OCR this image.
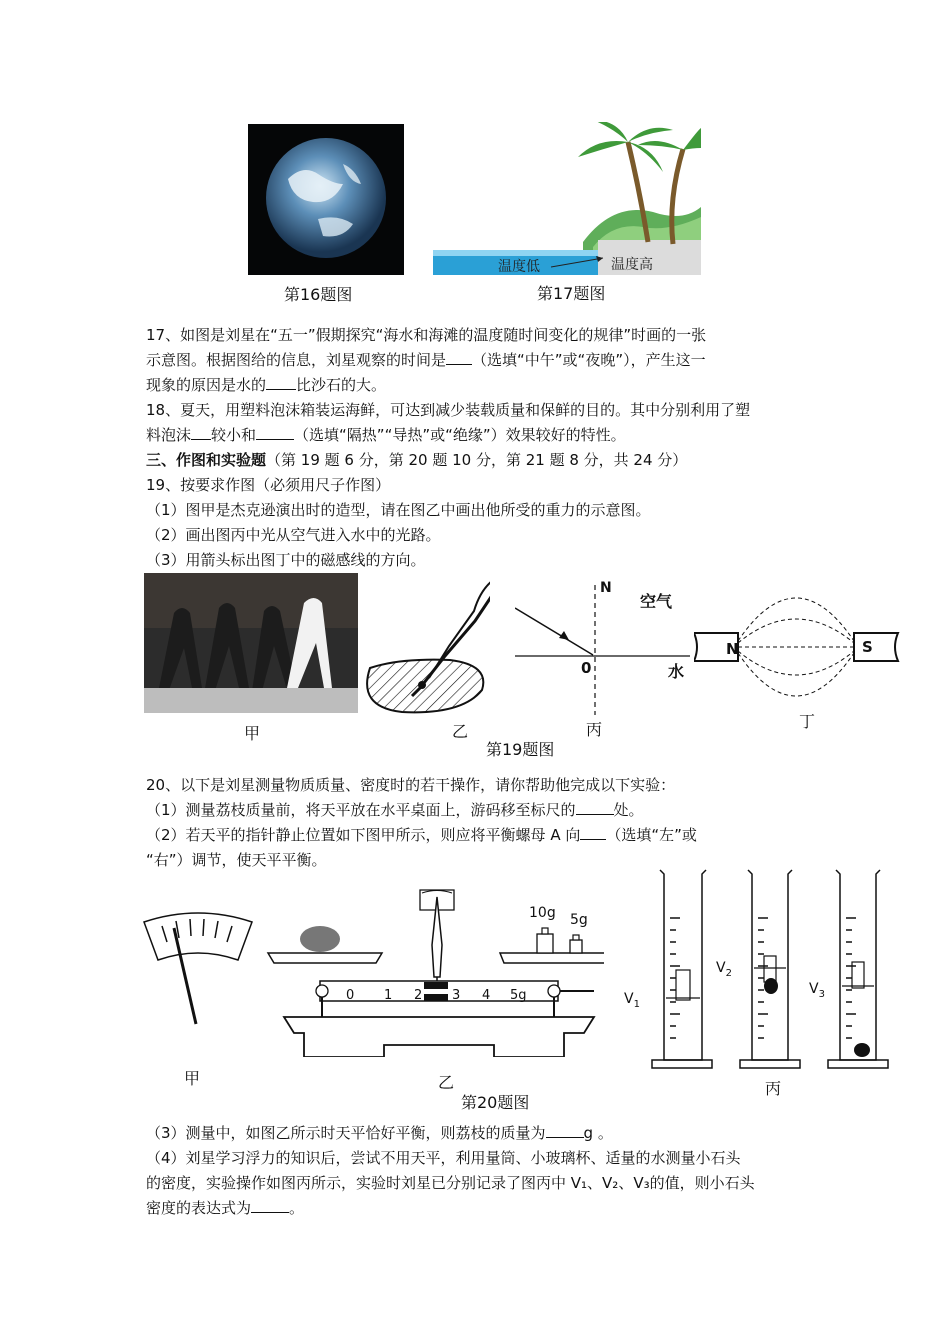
温度低	温度高
第16题图	第17题图
17、如图是刘星在“五一”假期探究“海水和海滩的温度随时间变化的规律”时画的一张
示意图。根据图给的信息，刘星观察的时间是 （选填“中午”或“夜晚”），产生这一
现象的原因是水的 比沙石的大。
18、夏天，用塑料泡沫箱装运海鲜，可达到减少装载质量和保鲜的目的。其中分别利用了塑
料泡沫 较小和	（选填“隔热”“导热”或“绝缘”）效果较好的特性。
三、作图和实验题（第 19 题 6 分，第 20 题 10 分，第 21 题 8 分，共 24 分）
19、按要求作图（必须用尺子作图）
（1）图甲是杰克逊演出时的造型，请在图乙中画出他所受的重力的示意图。
（2）画出图丙中光从空气进入水中的光路。
（3）用箭头标出图丁中的磁感线的方向。
N
空气
0	水
N	S
甲	乙	丙	丁
第19题图
20、以下是刘星测量物质质量、密度时的若干操作，请你帮助他完成以下实验：
（1）测量荔枝质量前，将天平放在水平桌面上，游码移至标尺的	处。
（2）若天平的指针静止位置如下图甲所示，则应将平衡螺母 A 向 （选填“左”或
“右”）调节，使天平平衡。
10g 5g
0 1 2 3 4 5g	$V_1$
$V_2$
$V_3$
甲	乙	丙
第20题图
（3）测量中，如图乙所示时天平恰好平衡，则荔枝的质量为	g 。
（4）刘星学习浮力的知识后，尝试不用天平，利用量筒、小玻璃杯、适量的水测量小石头
的密度，实验操作如图丙所示，实验时刘星已分别记录了图丙中 V₁、V₂、V₃的值，则小石头
密度的表达式为	。
